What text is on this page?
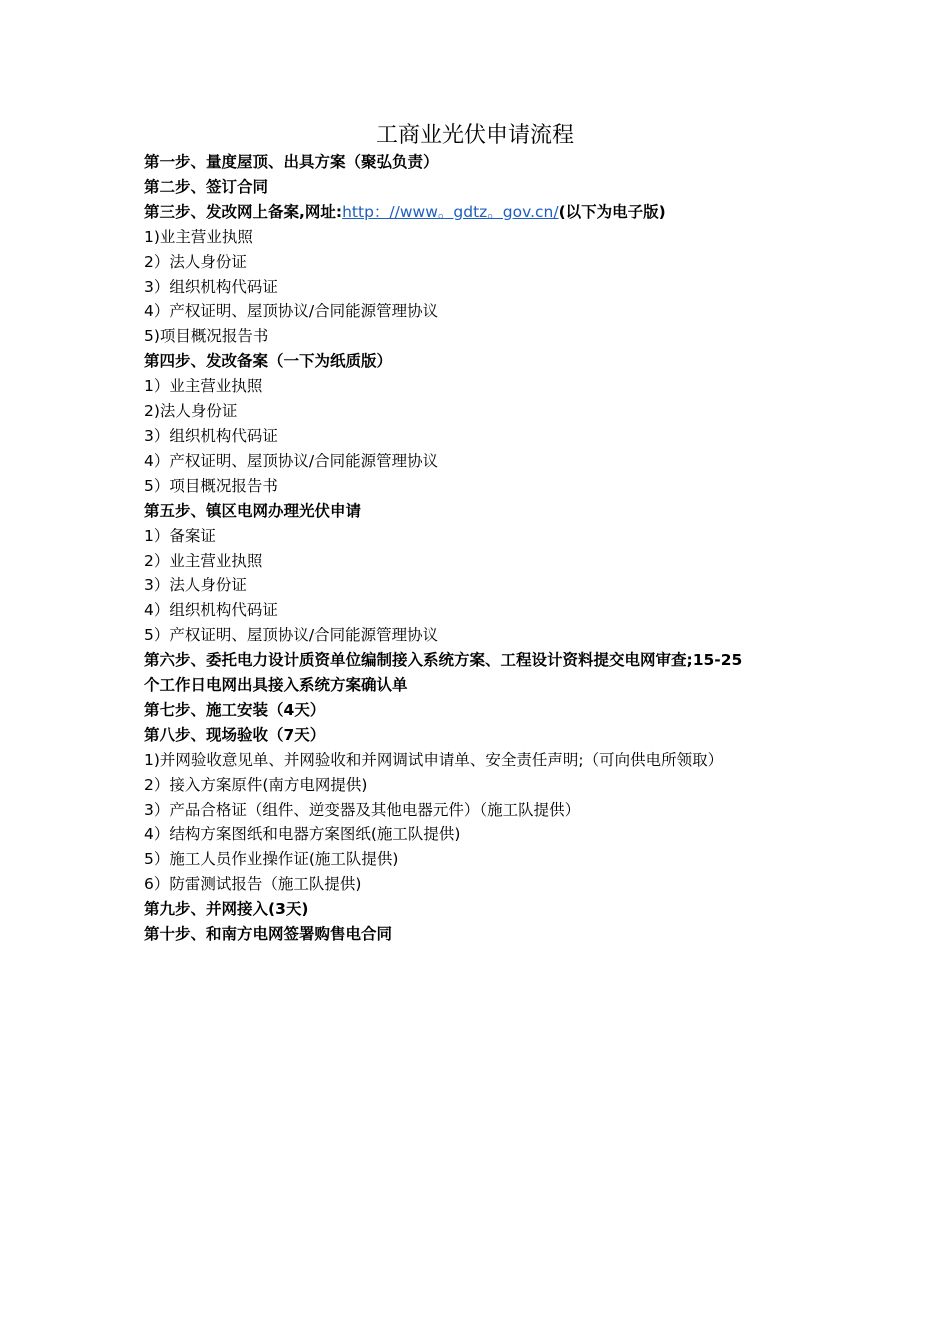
工商业光伏申请流程
第一步、量度屋顶、出具方案（聚弘负责）
第二步、签订合同
第三步、发改网上备案,网址:http：//www。gdtz。gov.cn/(以下为电子版)
1)业主营业执照
2）法人身份证
3）组织机构代码证
4）产权证明、屋顶协议/合同能源管理协议
5)项目概况报告书
第四步、发改备案（一下为纸质版）
1）业主营业执照
2)法人身份证
3）组织机构代码证
4）产权证明、屋顶协议/合同能源管理协议
5）项目概况报告书
第五步、镇区电网办理光伏申请
1）备案证
2）业主营业执照
3）法人身份证
4）组织机构代码证
5）产权证明、屋顶协议/合同能源管理协议
第六步、委托电力设计质资单位编制接入系统方案、工程设计资料提交电网审查;15-25
个工作日电网出具接入系统方案确认单
第七步、施工安装（4天）
第八步、现场验收（7天）
1)并网验收意见单、并网验收和并网调试申请单、安全责任声明;（可向供电所领取）
2）接入方案原件(南方电网提供)
3）产品合格证（组件、逆变器及其他电器元件）（施工队提供）
4）结构方案图纸和电器方案图纸(施工队提供)
5）施工人员作业操作证(施工队提供)
6）防雷测试报告（施工队提供)
第九步、并网接入(3天)
第十步、和南方电网签署购售电合同
